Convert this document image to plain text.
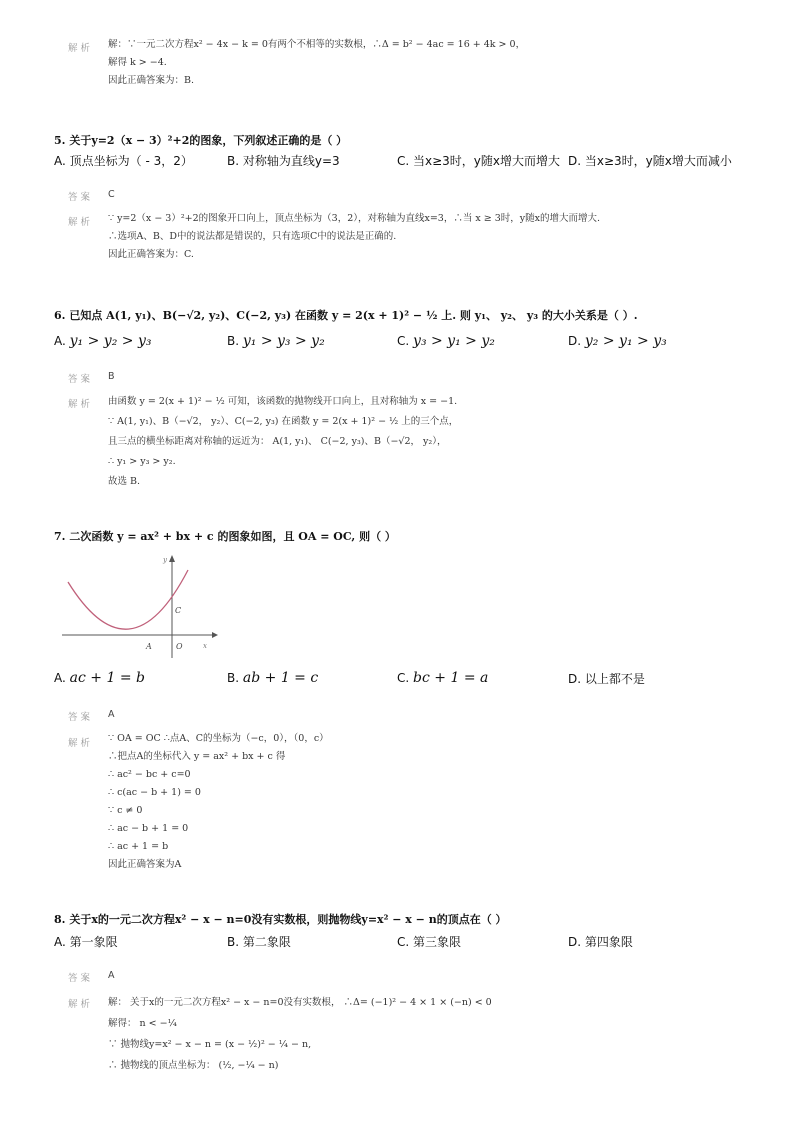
解析 解：∵一元二次方程x² − 4x − k = 0有两个不相等的实数根，∴Δ = b² − 4ac = 16 + 4k > 0，
解得 k > −4.
因此正确答案为：B.
5. 关于y=2（x − 3）²+2的图象，下列叙述正确的是（ ）
A. 顶点坐标为（ - 3，2）	B. 对称轴为直线y=3	C. 当x≥3时，y随x增大而增大 D. 当x≥3时，y随x增大而减小
答案 C
解析 ∵ y=2（x − 3）²+2的图象开口向上，顶点坐标为（3，2），对称轴为直线x=3，∴当 x ≥ 3时，y随x的增大而增大.
∴选项A、B、D中的说法都是错误的，只有选项C中的说法是正确的.
因此正确答案为：C.
6. 已知点 A(1, y₁)、B(−√2, y₂)、C(−2, y₃) 在函数 y = 2(x + 1)² − ½ 上. 则 y₁、 y₂、 y₃ 的大小关系是（ ）.
A. y₁ > y₂ > y₃	B. y₁ > y₃ > y₂	C. y₃ > y₁ > y₂	D. y₂ > y₁ > y₃
答案 B
解析 由函数 y = 2(x + 1)² − ½ 可知，该函数的抛物线开口向上，且对称轴为 x = −1.
∵ A(1, y₁)、B（−√2， y₂）、C(−2, y₃) 在函数 y = 2(x + 1)² − ½ 上的三个点，
且三点的横坐标距离对称轴的远近为： A(1, y₁)、 C(−2, y₃)、B（−√2， y₂），
∴ y₁ > y₃ > y₂.
故选 B.
7. 二次函数 y = ax² + bx + c 的图象如图，且 OA = OC, 则（ ）
y
x
O
A
C
A. ac + 1 = b	B. ab + 1 = c	C. bc + 1 = a	D. 以上都不是
答案 A
解析 ∵ OA = OC ∴点A、C的坐标为（−c，0），（0，c）
∴把点A的坐标代入 y = ax² + bx + c 得
∴ ac² − bc + c=0
∴ c(ac − b + 1) = 0
∵ c ≠ 0
∴ ac − b + 1 = 0
∴ ac + 1 = b
因此正确答案为A
8. 关于x的一元二次方程x² − x − n=0没有实数根，则抛物线y=x² − x − n的顶点在（ ）
A. 第一象限	B. 第二象限	C. 第三象限	D. 第四象限
答案 A
解析 解： 关于x的一元二次方程x² − x − n=0没有实数根， ∴Δ= (−1)² − 4 × 1 × (−n) < 0
解得： n < −¼
∵ 抛物线y=x² − x − n = (x − ½)² − ¼ − n,
∴ 抛物线的顶点坐标为： (½, −¼ − n)
